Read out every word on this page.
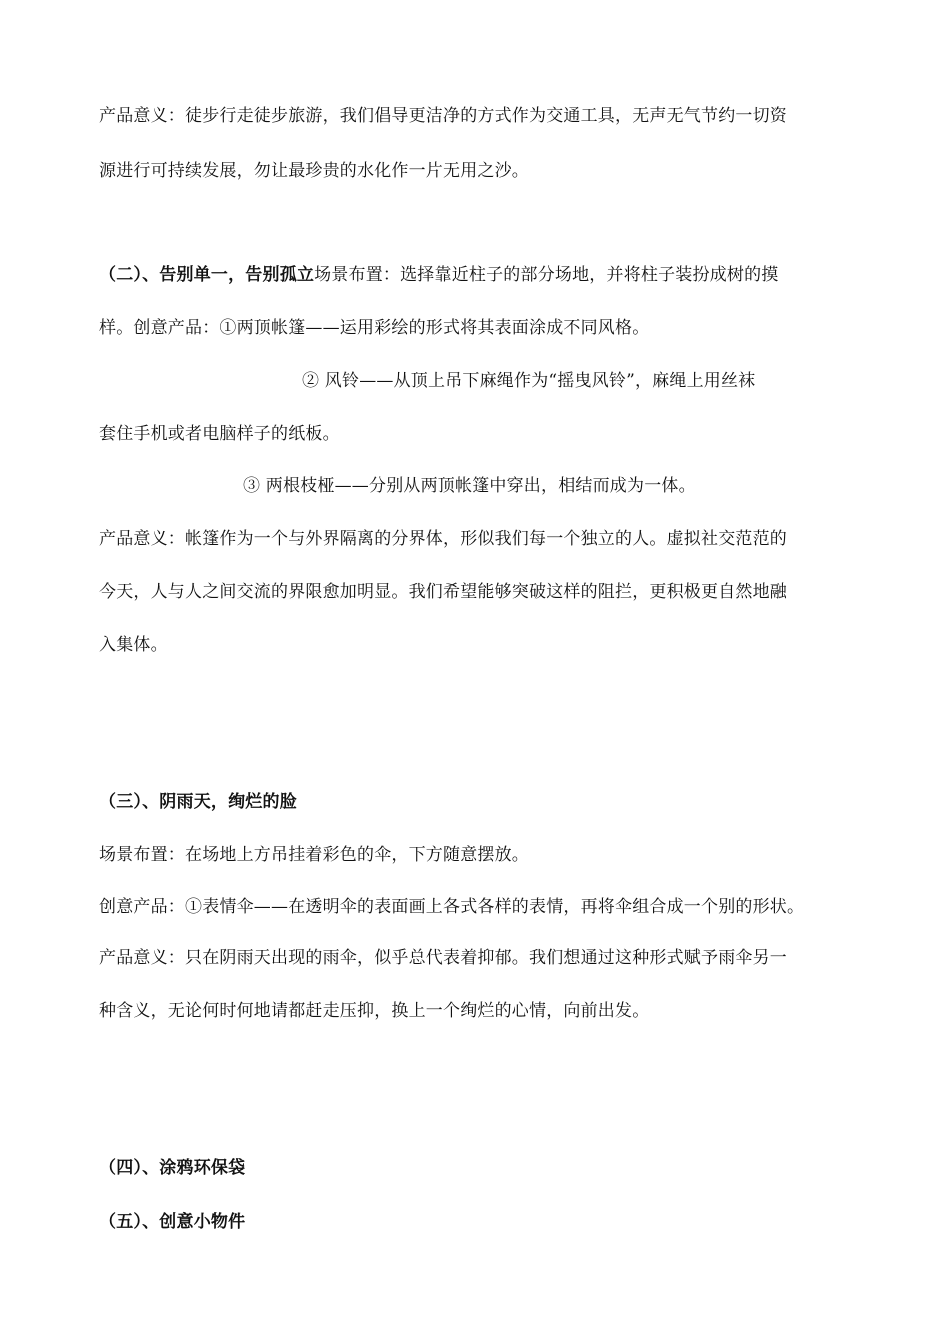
产品意义：徒步行走徒步旅游，我们倡导更洁净的方式作为交通工具，无声无气节约一切资
源进行可持续发展，勿让最珍贵的水化作一片无用之沙。
（二）、告别单一，告别孤立场景布置：选择靠近柱子的部分场地，并将柱子装扮成树的摸
样。创意产品：①两顶帐篷——运用彩绘的形式将其表面涂成不同风格。
② 风铃——从顶上吊下麻绳作为“摇曳风铃”，麻绳上用丝袜
套住手机或者电脑样子的纸板。
③ 两根枝桠——分别从两顶帐篷中穿出，相结而成为一体。
产品意义：帐篷作为一个与外界隔离的分界体，形似我们每一个独立的人。虚拟社交范范的
今天，人与人之间交流的界限愈加明显。我们希望能够突破这样的阻拦，更积极更自然地融
入集体。
（三）、阴雨天，绚烂的脸
场景布置：在场地上方吊挂着彩色的伞，下方随意摆放。
创意产品：①表情伞——在透明伞的表面画上各式各样的表情，再将伞组合成一个别的形状。
产品意义：只在阴雨天出现的雨伞，似乎总代表着抑郁。我们想通过这种形式赋予雨伞另一
种含义，无论何时何地请都赶走压抑，换上一个绚烂的心情，向前出发。
（四）、涂鸦环保袋
（五）、创意小物件
